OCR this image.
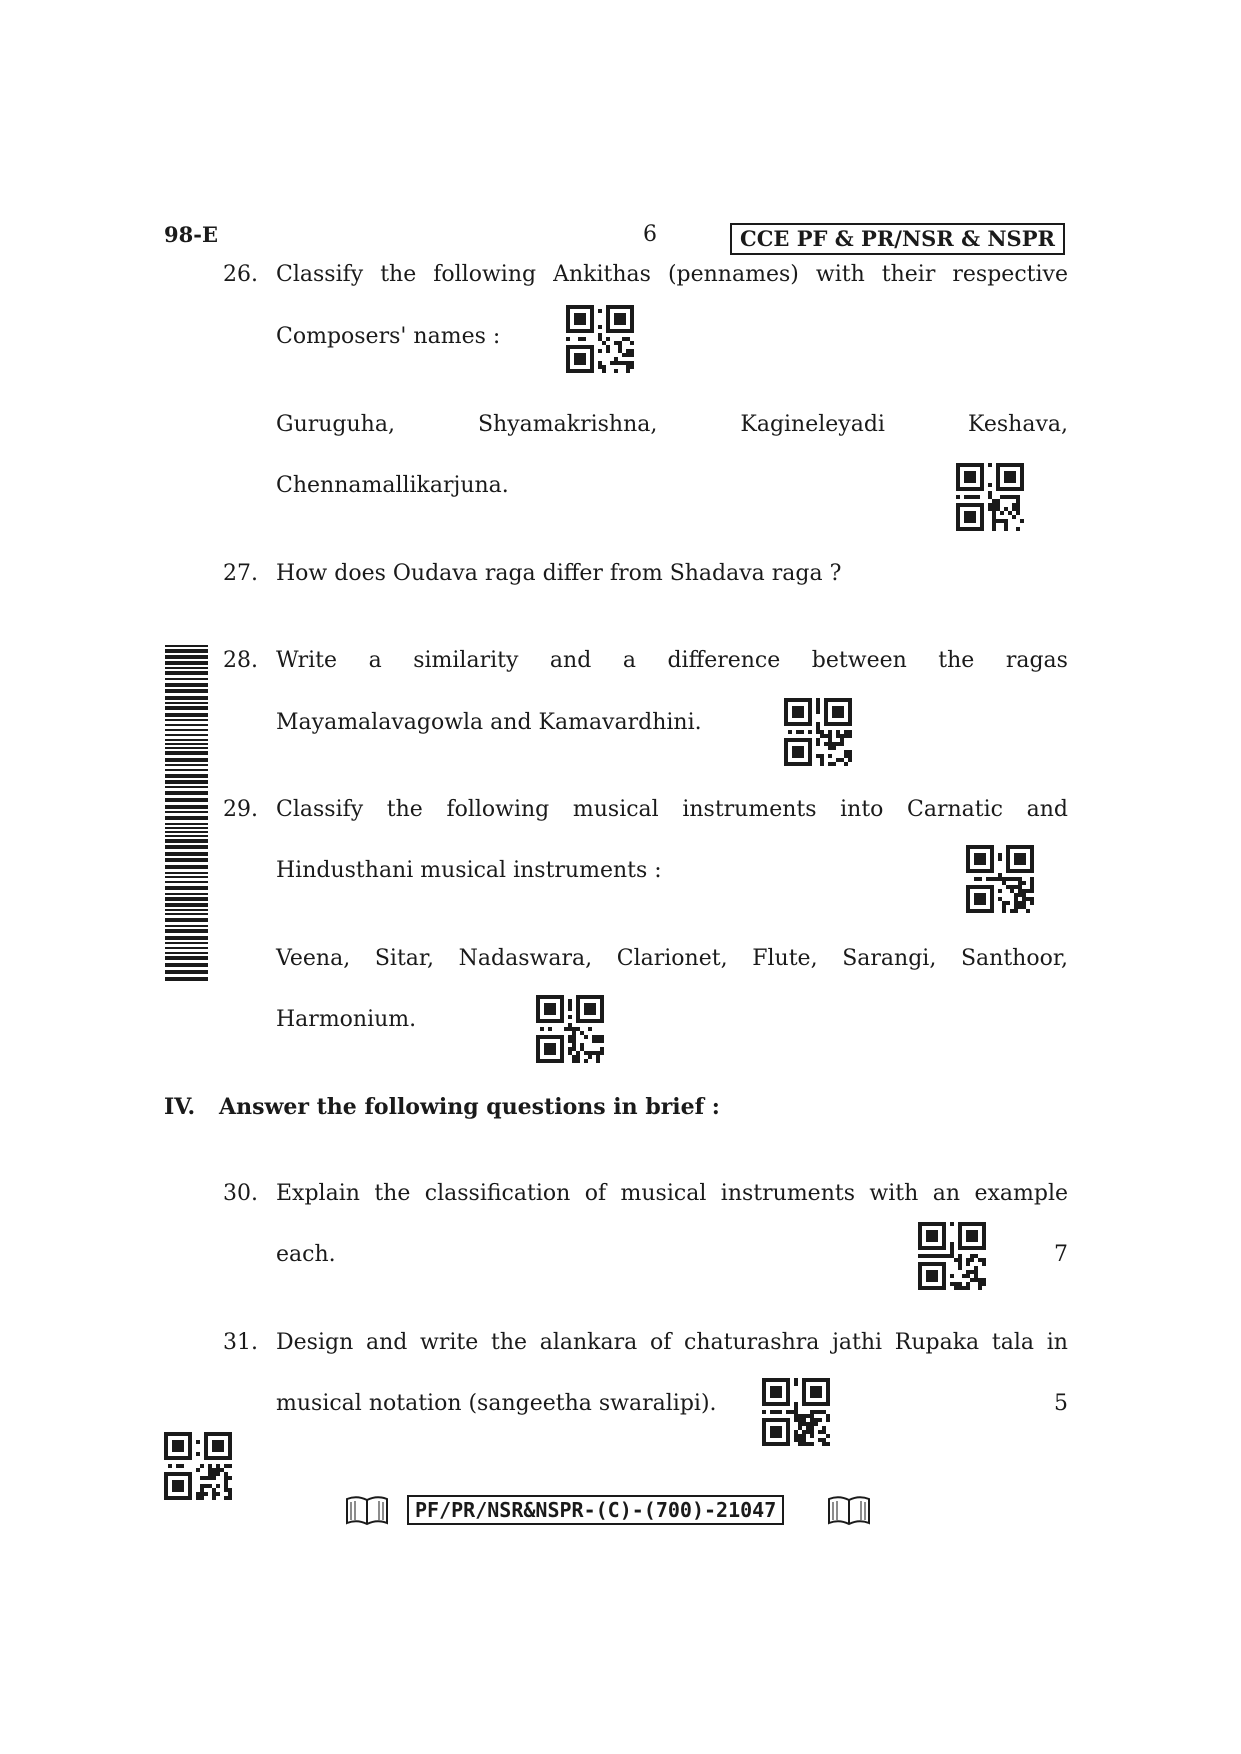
98-E	6	CCE PF & PR/NSR & NSPR
26. Classify the following Ankithas (pennames) with their respective
Composers' names :
Guruguha,	Shyamakrishna,	Kagineleyadi	Keshava,
Chennamallikarjuna.
27. How does Oudava raga differ from Shadava raga ?
28. Write a similarity and a difference between the ragas
Mayamalavagowla and Kamavardhini.
29. Classify the following musical instruments into Carnatic and
Hindusthani musical instruments :
Veena, Sitar, Nadaswara, Clarionet, Flute, Sarangi, Santhoor,
Harmonium.
IV. Answer the following questions in brief :
30. Explain the classification of musical instruments with an example
each.	7
31. Design and write the alankara of chaturashra jathi Rupaka tala in
musical notation (sangeetha swaralipi).	5
PF/PR/NSR&NSPR-(C)-(700)-21047
